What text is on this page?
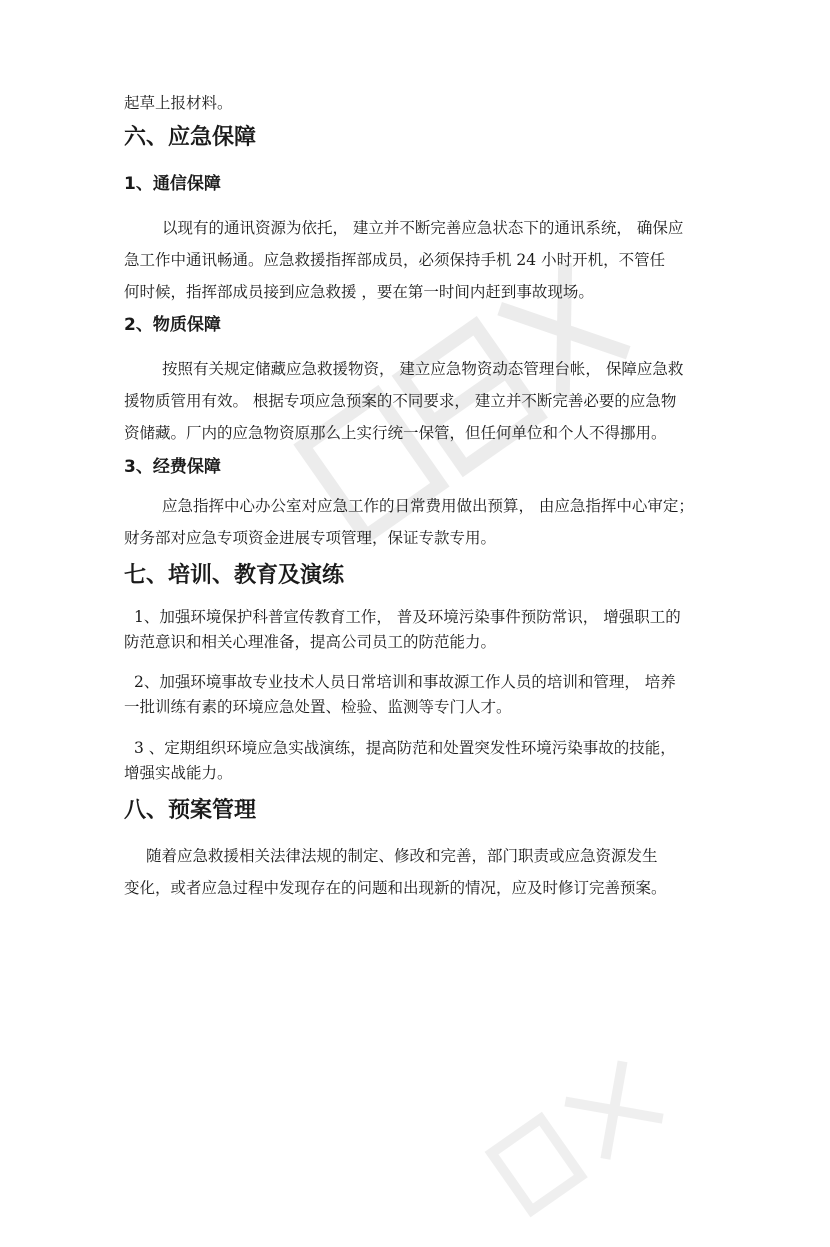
起草上报材料。
六、应急保障
1、通信保障
以现有的通讯资源为依托， 建立并不断完善应急状态下的通讯系统， 确保应
急工作中通讯畅通。应急救援指挥部成员，必须保持手机 24 小时开机，不管任
何时候，指挥部成员接到应急救援 ，要在第一时间内赶到事故现场。
2、物质保障
按照有关规定储藏应急救援物资， 建立应急物资动态管理台帐， 保障应急救
援物质管用有效。 根据专项应急预案的不同要求， 建立并不断完善必要的应急物
资储藏。厂内的应急物资原那么上实行统一保管，但任何单位和个人不得挪用。
3、经费保障
应急指挥中心办公室对应急工作的日常费用做出预算， 由应急指挥中心审定；
财务部对应急专项资金进展专项管理，保证专款专用。
七、培训、教育及演练
1、加强环境保护科普宣传教育工作， 普及环境污染事件预防常识， 增强职工的
防范意识和相关心理准备，提高公司员工的防范能力。
2、加强环境事故专业技术人员日常培训和事故源工作人员的培训和管理， 培养
一批训练有素的环境应急处置、检验、监测等专门人才。
3 、定期组织环境应急实战演练，提高防范和处置突发性环境污染事故的技能，
增强实战能力。
八、预案管理
随着应急救援相关法律法规的制定、修改和完善，部门职责或应急资源发生
变化，或者应急过程中发现存在的问题和出现新的情况，应及时修订完善预案。
